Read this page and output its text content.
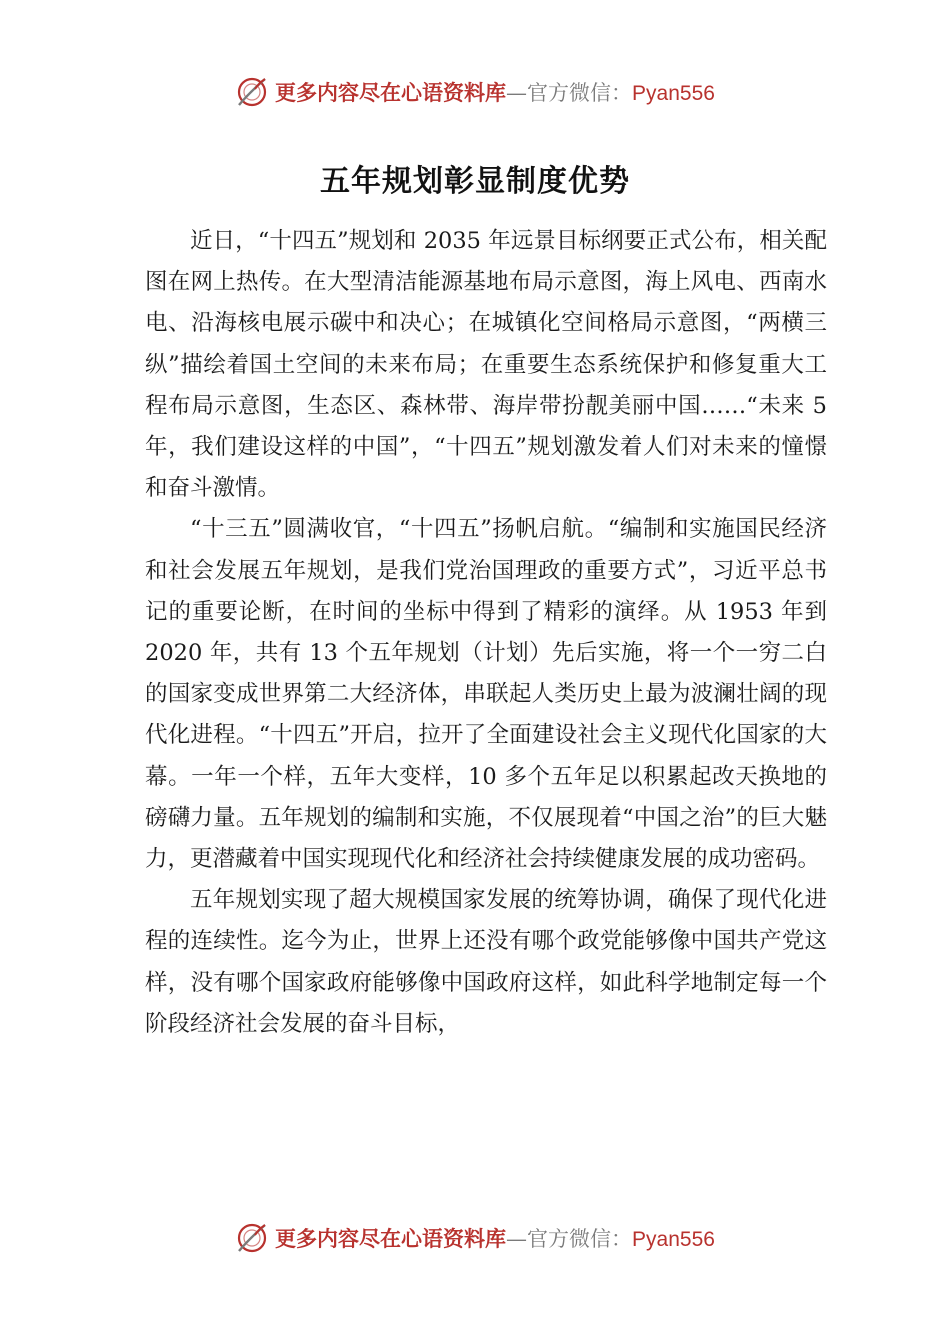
更多内容尽在心语资料库—官方微信：Pyan556
五年规划彰显制度优势

近日，“十四五”规划和 2035 年远景目标纲要正式公布，相关配图在网上热传。在大型清洁能源基地布局示意图，海上风电、西南水电、沿海核电展示碳中和决心；在城镇化空间格局示意图，“两横三纵”描绘着国土空间的未来布局；在重要生态系统保护和修复重大工程布局示意图，生态区、森林带、海岸带扮靓美丽中国……“未来 5 年，我们建设这样的中国”，“十四五”规划激发着人们对未来的憧憬和奋斗激情。

“十三五”圆满收官，“十四五”扬帆启航。“编制和实施国民经济和社会发展五年规划，是我们党治国理政的重要方式”，习近平总书记的重要论断，在时间的坐标中得到了精彩的演绎。从 1953 年到 2020 年，共有 13 个五年规划（计划）先后实施，将一个一穷二白的国家变成世界第二大经济体，串联起人类历史上最为波澜壮阔的现代化进程。“十四五”开启，拉开了全面建设社会主义现代化国家的大幕。一年一个样，五年大变样，10 多个五年足以积累起改天换地的磅礴力量。五年规划的编制和实施，不仅展现着“中国之治”的巨大魅力，更潜藏着中国实现现代化和经济社会持续健康发展的成功密码。

五年规划实现了超大规模国家发展的统筹协调，确保了现代化进程的连续性。迄今为止，世界上还没有哪个政党能够像中国共产党这样，没有哪个国家政府能够像中国政府这样，如此科学地制定每一个阶段经济社会发展的奋斗目标，

更多内容尽在心语资料库—官方微信：Pyan556
